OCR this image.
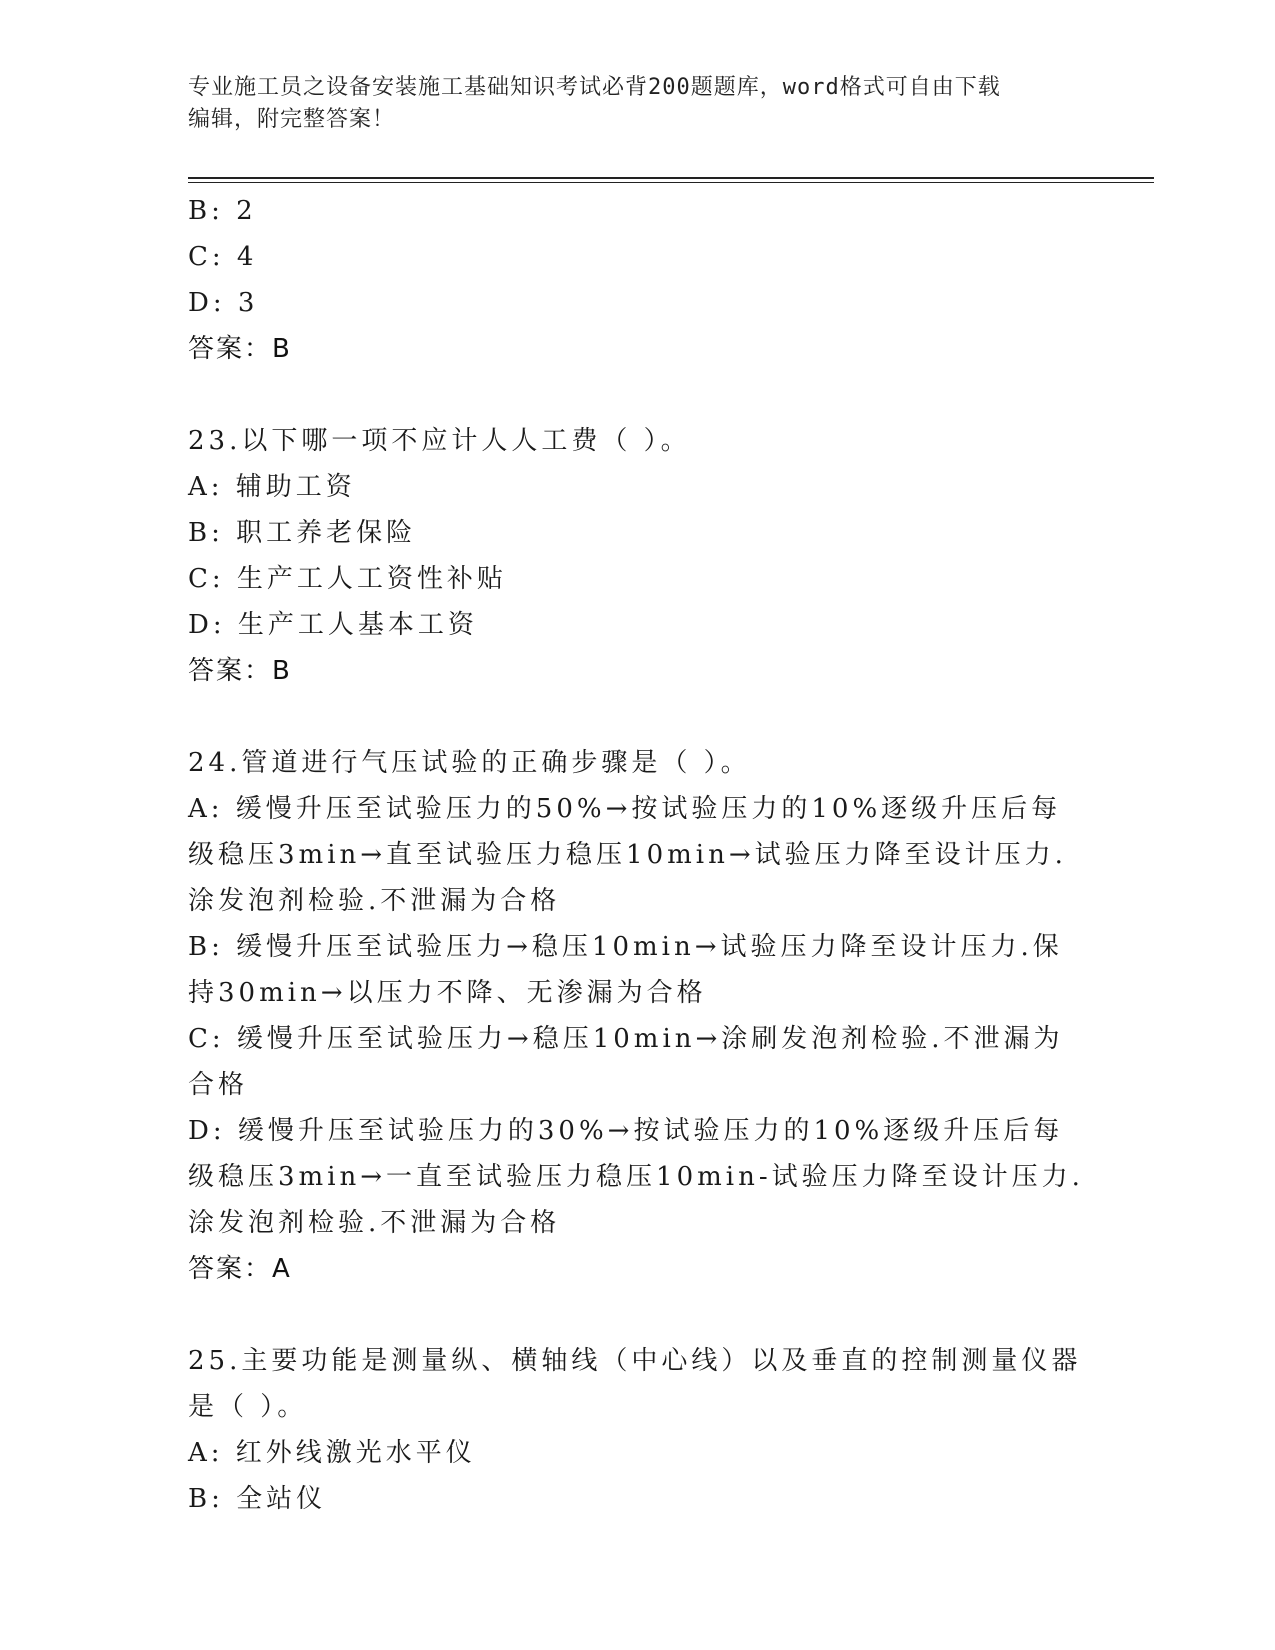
专业施工员之设备安装施工基础知识考试必背200题题库，word格式可自由下载
编辑，附完整答案！
B: 2
C: 4
D: 3
答案：B
23.以下哪一项不应计人人工费（ ）。
A: 辅助工资
B: 职工养老保险
C: 生产工人工资性补贴
D: 生产工人基本工资
答案：B
24.管道进行气压试验的正确步骤是（ ）。
A: 缓慢升压至试验压力的50%→按试验压力的10%逐级升压后每级稳压3min→直至试验压力稳压10min→试验压力降至设计压力.涂发泡剂检验.不泄漏为合格
B: 缓慢升压至试验压力→稳压10min→试验压力降至设计压力.保持30min→以压力不降、无渗漏为合格
C: 缓慢升压至试验压力→稳压10min→涂刷发泡剂检验.不泄漏为合格
D: 缓慢升压至试验压力的30%→按试验压力的10%逐级升压后每级稳压3min→一直至试验压力稳压10min-试验压力降至设计压力.涂发泡剂检验.不泄漏为合格
答案：A
25.主要功能是测量纵、横轴线（中心线）以及垂直的控制测量仪器是（ ）。
A: 红外线激光水平仪
B: 全站仪
